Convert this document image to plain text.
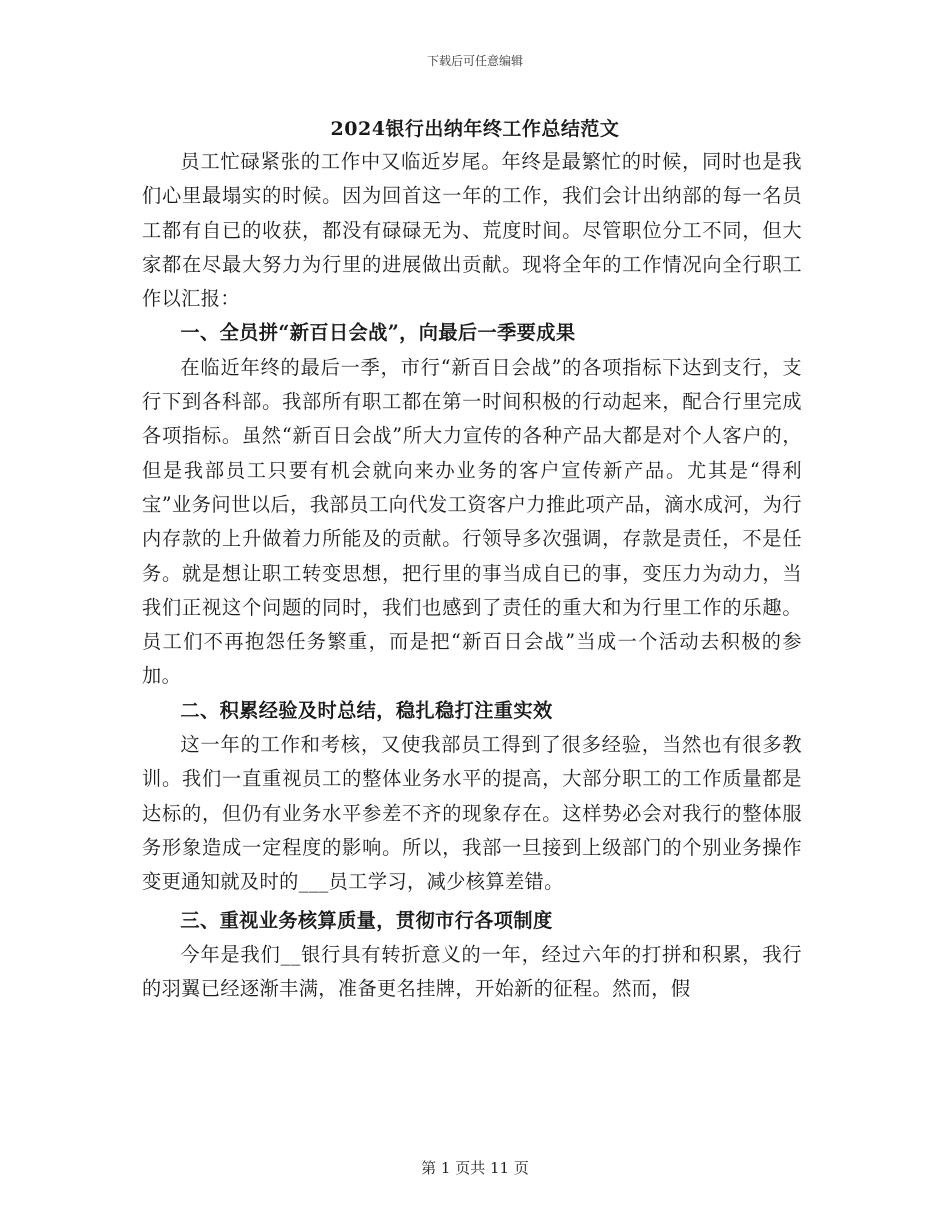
下载后可任意编辑
2024银行出纳年终工作总结范文

员工忙碌紧张的工作中又临近岁尾。年终是最繁忙的时候，同时也是我们心里最塌实的时候。因为回首这一年的工作，我们会计出纳部的每一名员工都有自已的收获，都没有碌碌无为、荒度时间。尽管职位分工不同，但大家都在尽最大努力为行里的进展做出贡献。现将全年的工作情况向全行职工作以汇报：

一、全员拼“新百日会战”，向最后一季要成果

在临近年终的最后一季，市行“新百日会战”的各项指标下达到支行，支行下到各科部。我部所有职工都在第一时间积极的行动起来，配合行里完成各项指标。虽然“新百日会战”所大力宣传的各种产品大都是对个人客户的，但是我部员工只要有机会就向来办业务的客户宣传新产品。尤其是“得利宝”业务问世以后，我部员工向代发工资客户力推此项产品，滴水成河，为行内存款的上升做着力所能及的贡献。行领导多次强调，存款是责任，不是任务。就是想让职工转变思想，把行里的事当成自已的事，变压力为动力，当我们正视这个问题的同时，我们也感到了责任的重大和为行里工作的乐趣。员工们不再抱怨任务繁重，而是把“新百日会战”当成一个活动去积极的参加。

二、积累经验及时总结，稳扎稳打注重实效

这一年的工作和考核，又使我部员工得到了很多经验，当然也有很多教训。我们一直重视员工的整体业务水平的提高，大部分职工的工作质量都是达标的，但仍有业务水平参差不齐的现象存在。这样势必会对我行的整体服务形象造成一定程度的影响。所以，我部一旦接到上级部门的个别业务操作变更通知就及时的___员工学习，减少核算差错。

三、重视业务核算质量，贯彻市行各项制度

今年是我们__银行具有转折意义的一年，经过六年的打拼和积累，我行的羽翼已经逐渐丰满，准备更名挂牌，开始新的征程。然而，假

第 1 页共 11 页
